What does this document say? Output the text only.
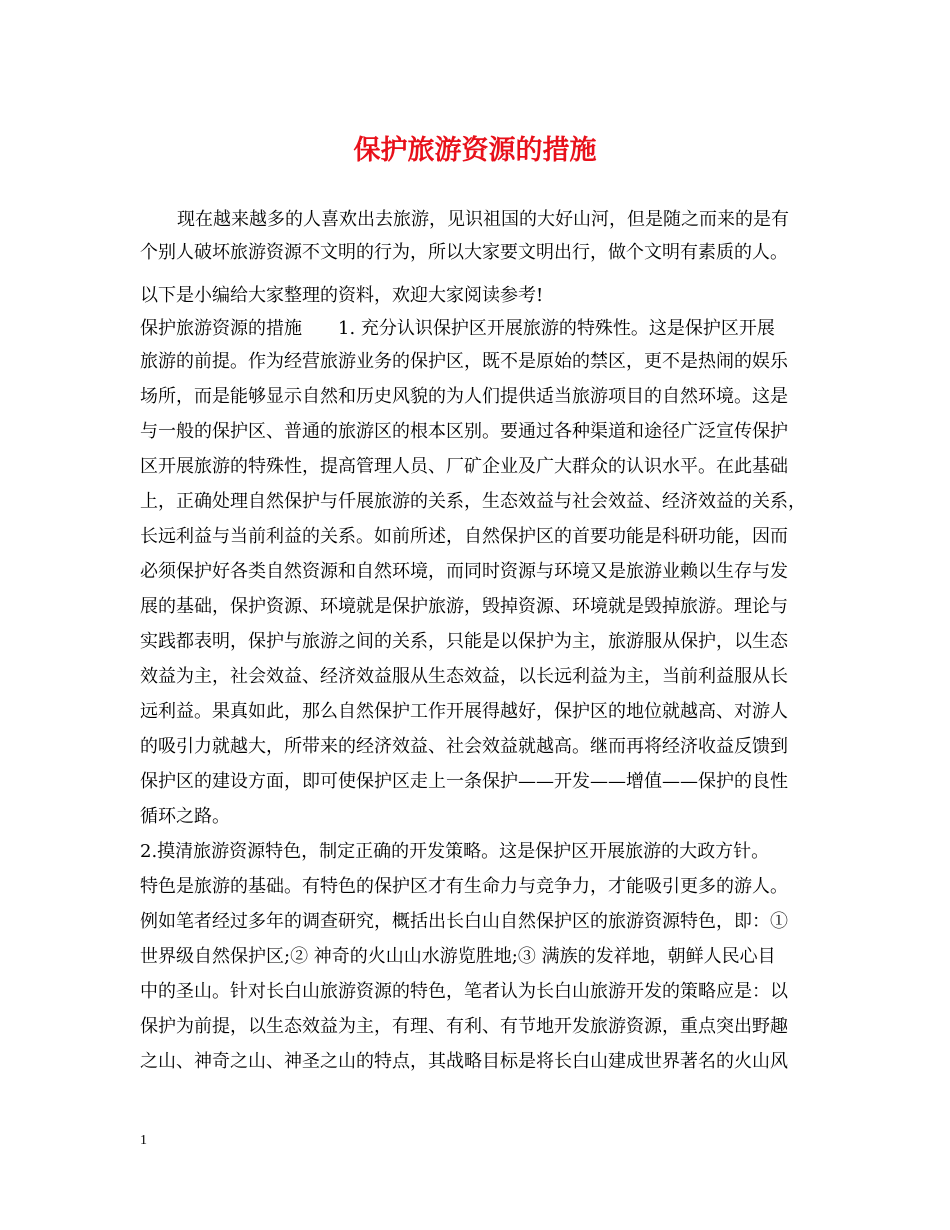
保护旅游资源的措施
现在越来越多的人喜欢出去旅游，见识祖国的大好山河，但是随之而来的是有
个别人破坏旅游资源不文明的行为，所以大家要文明出行，做个文明有素质的人。
以下是小编给大家整理的资料，欢迎大家阅读参考!
保护旅游资源的措施　　1. 充分认识保护区开展旅游的特殊性。这是保护区开展
旅游的前提。作为经营旅游业务的保护区，既不是原始的禁区，更不是热闹的娱乐
场所，而是能够显示自然和历史风貌的为人们提供适当旅游项目的自然环境。这是
与一般的保护区、普通的旅游区的根本区别。要通过各种渠道和途径广泛宣传保护
区开展旅游的特殊性，提高管理人员、厂矿企业及广大群众的认识水平。在此基础
上，正确处理自然保护与仟展旅游的关系，生态效益与社会效益、经济效益的关系，
长远利益与当前利益的关系。如前所述，自然保护区的首要功能是科研功能，因而
必须保护好各类自然资源和自然环境，而同时资源与环境又是旅游业赖以生存与发
展的基础，保护资源、环境就是保护旅游，毁掉资源、环境就是毁掉旅游。理论与
实践都表明，保护与旅游之间的关系，只能是以保护为主，旅游服从保护，以生态
效益为主，社会效益、经济效益服从生态效益，以长远利益为主，当前利益服从长
远利益。果真如此，那么自然保护工作开展得越好，保护区的地位就越高、对游人
的吸引力就越大，所带来的经济效益、社会效益就越高。继而再将经济收益反馈到
保护区的建设方面，即可使保护区走上一条保护——开发——增值——保护的良性
循环之路。
2.摸清旅游资源特色，制定正确的开发策略。这是保护区开展旅游的大政方针。
特色是旅游的基础。有特色的保护区才有生命力与竞争力，才能吸引更多的游人。
例如笔者经过多年的调查研究，概括出长白山自然保护区的旅游资源特色，即：①
世界级自然保护区;② 神奇的火山山水游览胜地;③ 满族的发祥地，朝鲜人民心目
中的圣山。针对长白山旅游资源的特色，笔者认为长白山旅游开发的策略应是：以
保护为前提，以生态效益为主，有理、有利、有节地开发旅游资源，重点突出野趣
之山、神奇之山、神圣之山的特点，其战略目标是将长白山建成世界著名的火山风
1
